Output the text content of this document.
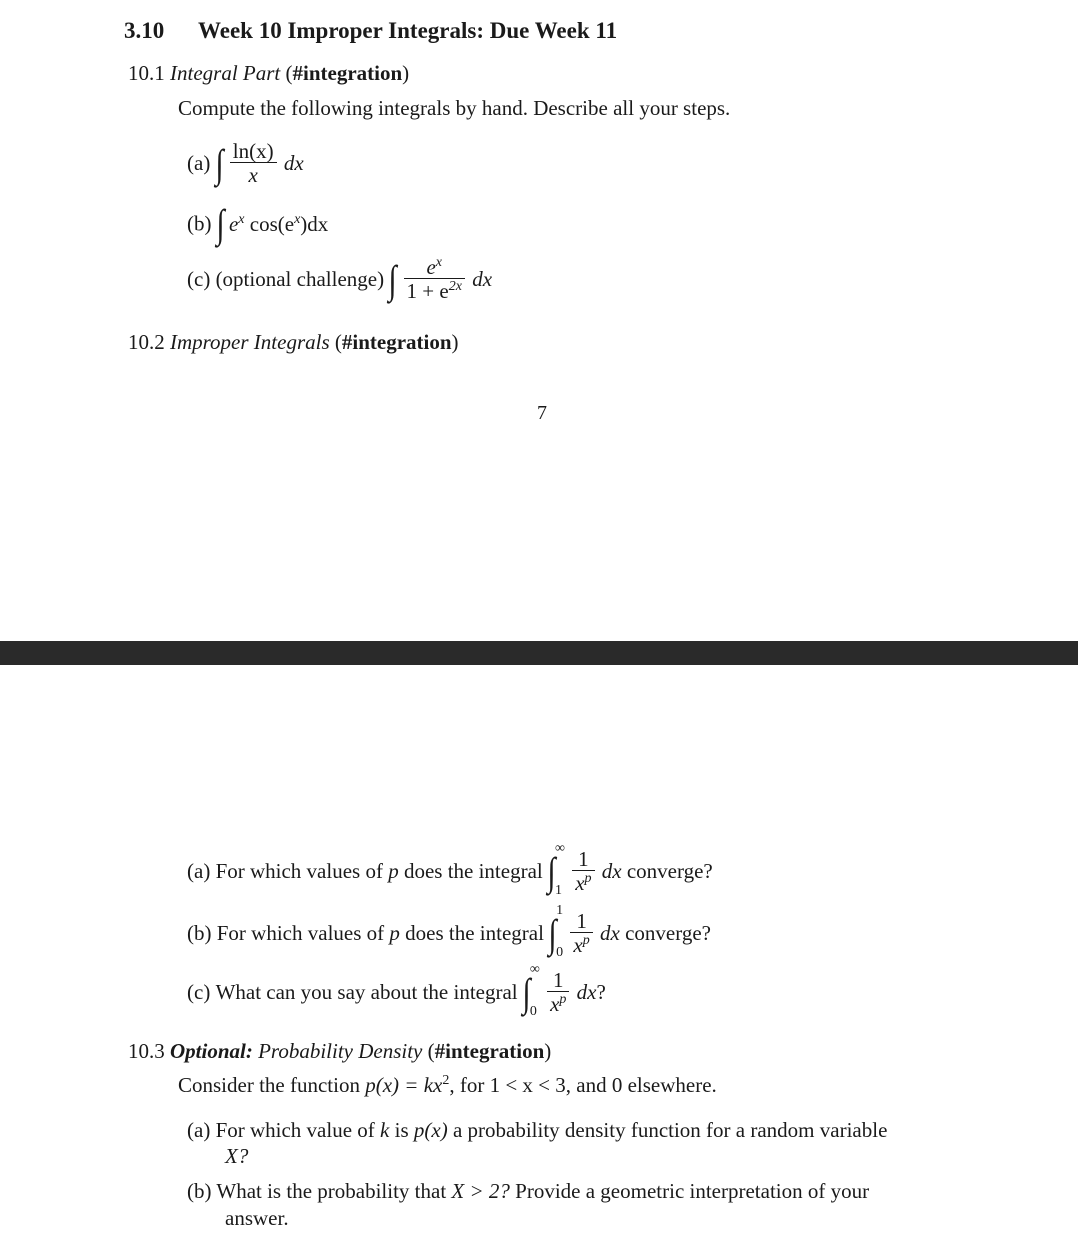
3.10 Week 10 Improper Integrals: Due Week 11
10.1 Integral Part (#integration)
Compute the following integrals by hand. Describe all your steps.
(a) ∫ $\frac{\ln(x)}{x}$ dx
(b) ∫ $e^x$ $\cos(e^x)dx$
(c) (optional challenge) ∫ $\frac{e^x}{1 + e^{2x}}$ dx
10.2 Improper Integrals (#integration)
7
(a) For which values of p does the integral ∫
∞
1
$\frac{1}{x^p}$ dx converge?
(b) For which values of p does the integral ∫
1
0
$\frac{1}{x^p}$ dx converge?
(c) What can you say about the integral ∫
∞
0
$\frac{1}{x^p}$ dx?
10.3 Optional: Probability Density (#integration)
Consider the function $p(x) = kx^2$, for 1 < x < 3, and 0 elsewhere.
(a) For which value of k is p(x) a probability density function for a random variable
X?
(b) What is the probability that X > 2? Provide a geometric interpretation of your
answer.
